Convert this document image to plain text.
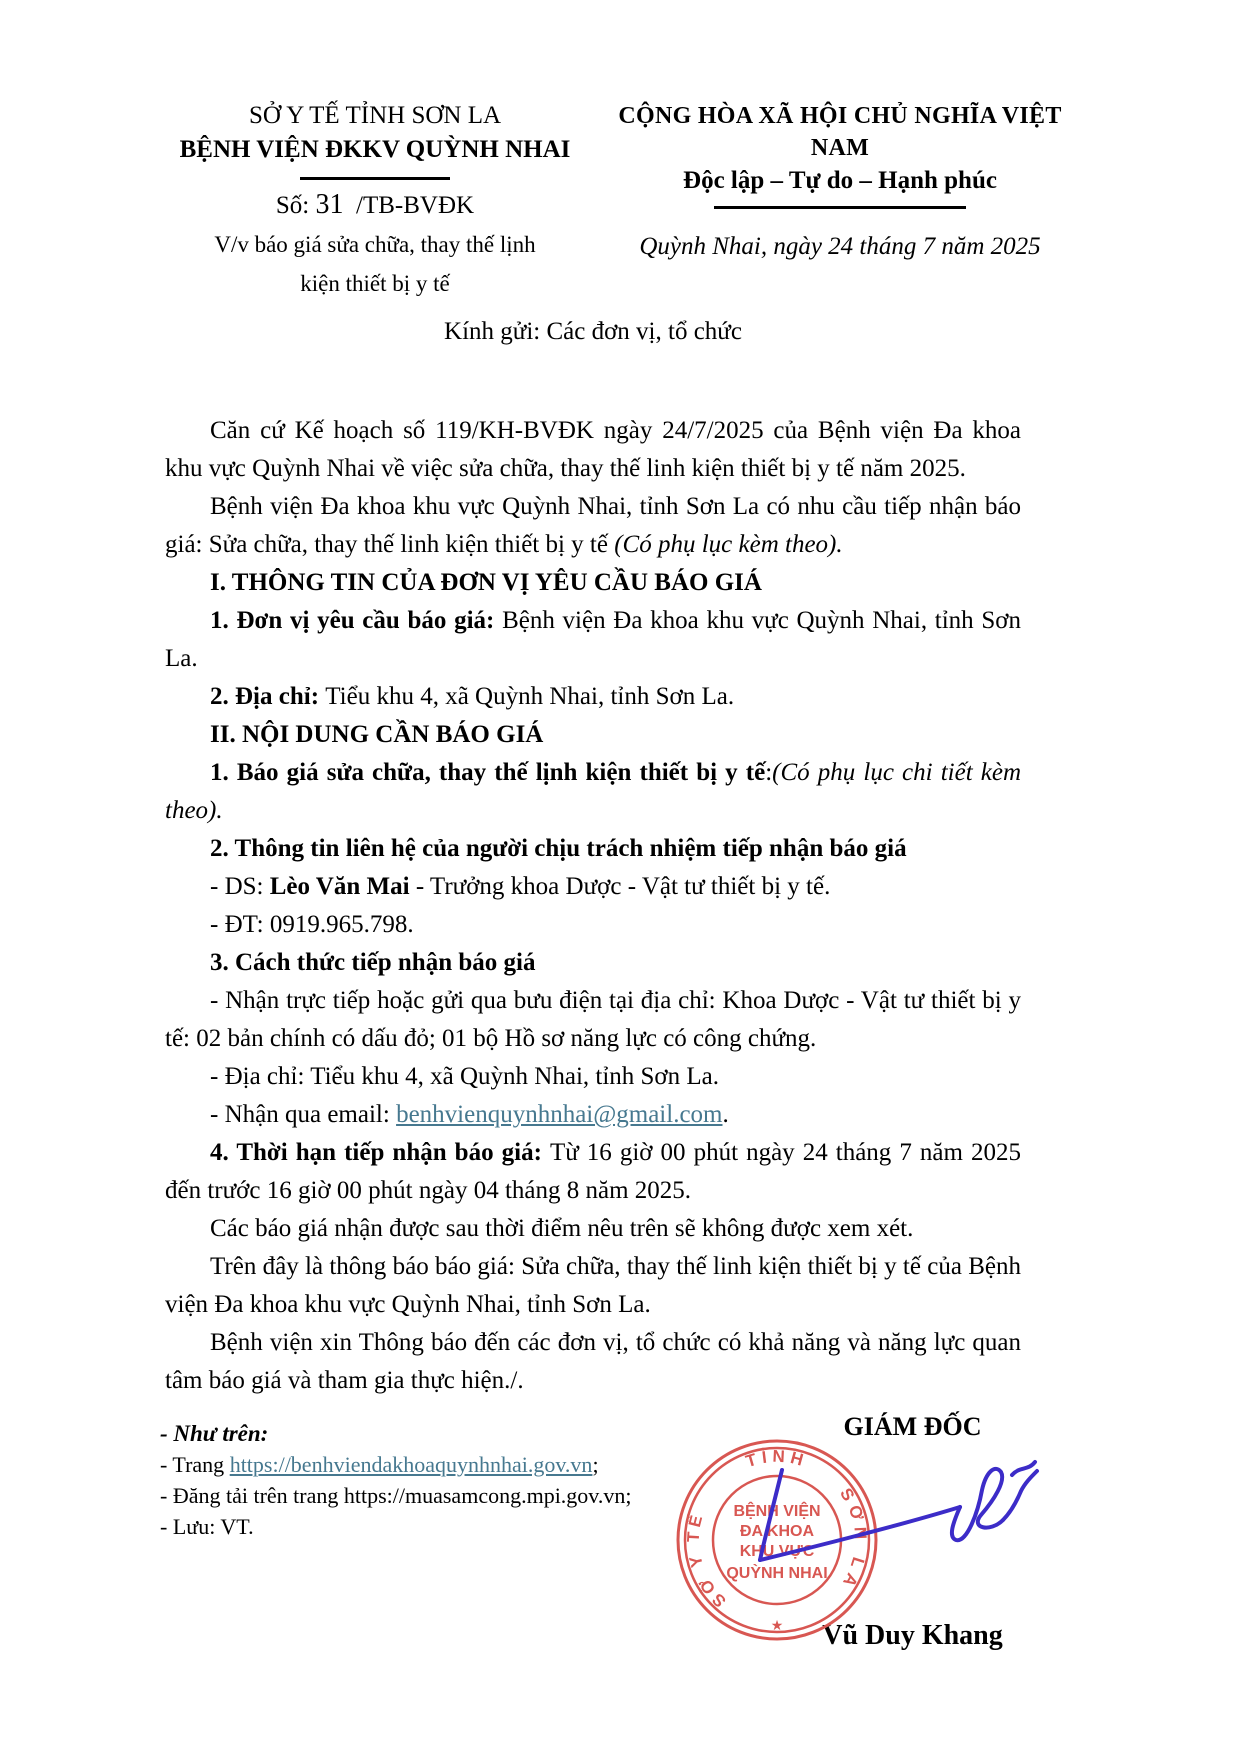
SỞ Y TẾ TỈNH SƠN LA
BỆNH VIỆN ĐKKV QUỲNH NHAI
Số: 31 /TB-BVĐK
V/v báo giá sửa chữa, thay thế lịnh
kiện thiết bị y tế
CỘNG HÒA XÃ HỘI CHỦ NGHĨA VIỆT NAM
Độc lập – Tự do – Hạnh phúc
Quỳnh Nhai, ngày 24 tháng 7 năm 2025
Kính gửi: Các đơn vị, tổ chức

Căn cứ Kế hoạch số 119/KH-BVĐK ngày 24/7/2025 của Bệnh viện Đa khoa khu vực Quỳnh Nhai về việc sửa chữa, thay thế linh kiện thiết bị y tế năm 2025.

Bệnh viện Đa khoa khu vực Quỳnh Nhai, tỉnh Sơn La có nhu cầu tiếp nhận báo giá: Sửa chữa, thay thế linh kiện thiết bị y tế (Có phụ lục kèm theo).

I. THÔNG TIN CỦA ĐƠN VỊ YÊU CẦU BÁO GIÁ

1. Đơn vị yêu cầu báo giá: Bệnh viện Đa khoa khu vực Quỳnh Nhai, tỉnh Sơn La.

2. Địa chỉ: Tiểu khu 4, xã Quỳnh Nhai, tỉnh Sơn La.

II. NỘI DUNG CẦN BÁO GIÁ

1. Báo giá sửa chữa, thay thế lịnh kiện thiết bị y tế:(Có phụ lục chi tiết kèm theo).

2. Thông tin liên hệ của người chịu trách nhiệm tiếp nhận báo giá

- DS: Lèo Văn Mai - Trưởng khoa Dược - Vật tư thiết bị y tế.

- ĐT: 0919.965.798.

3. Cách thức tiếp nhận báo giá

- Nhận trực tiếp hoặc gửi qua bưu điện tại địa chỉ: Khoa Dược - Vật tư thiết bị y tế: 02 bản chính có dấu đỏ; 01 bộ Hồ sơ năng lực có công chứng.

- Địa chỉ: Tiểu khu 4, xã Quỳnh Nhai, tỉnh Sơn La.

- Nhận qua email: benhvienquynhnhai@gmail.com.

4. Thời hạn tiếp nhận báo giá: Từ 16 giờ 00 phút ngày 24 tháng 7 năm 2025 đến trước 16 giờ 00 phút ngày 04 tháng 8 năm 2025.

Các báo giá nhận được sau thời điểm nêu trên sẽ không được xem xét.

Trên đây là thông báo báo giá: Sửa chữa, thay thế linh kiện thiết bị y tế của Bệnh viện Đa khoa khu vực Quỳnh Nhai, tỉnh Sơn La.

Bệnh viện xin Thông báo đến các đơn vị, tổ chức có khả năng và năng lực quan tâm báo giá và tham gia thực hiện./.

- Như trên:
- Trang https://benhviendakhoaquynhnhai.gov.vn;
- Đăng tải trên trang https://muasamcong.mpi.gov.vn;
- Lưu: VT.
GIÁM ĐỐC
Vũ Duy Khang
SỞ Y TẾ
TỈNH
SƠN LA
★
BỆNH VIỆN
ĐA KHOA
KHU VỰC
QUỲNH NHAI
